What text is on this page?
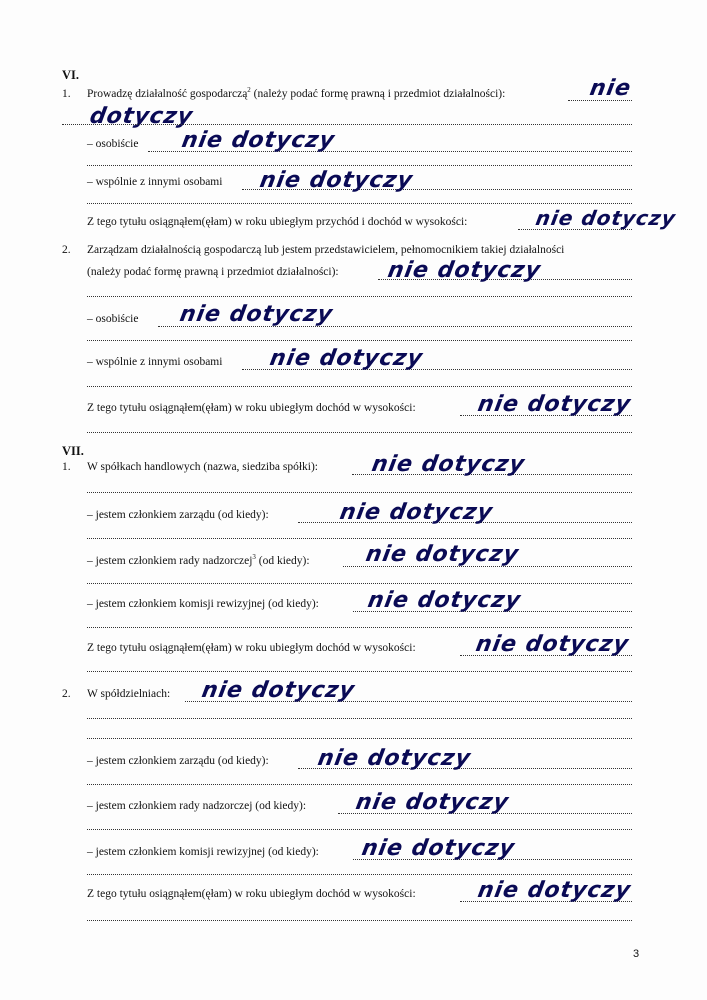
VI.
1. Prowadzę działalność gospodarczą$^2$ (należy podać formę prawną i przedmiot działalności):	nie
dotyczy
– osobiście nie dotyczy
– wspólnie z innymi osobami nie dotyczy
Z tego tytułu osiągnąłem(ęłam) w roku ubiegłym przychód i dochód w wysokości:	nie dotyczy
2. Zarządzam działalnością gospodarczą lub jestem przedstawicielem, pełnomocnikiem takiej działalności
(należy podać formę prawną i przedmiot działalności): nie dotyczy
– osobiście nie dotyczy
– wspólnie z innymi osobami nie dotyczy
Z tego tytułu osiągnąłem(ęłam) w roku ubiegłym dochód w wysokości:	nie dotyczy
VII.
1. W spółkach handlowych (nazwa, siedziba spółki): nie dotyczy
– jestem członkiem zarządu (od kiedy):	nie dotyczy
– jestem członkiem rady nadzorczej$^3$ (od kiedy): nie dotyczy
– jestem członkiem komisji rewizyjnej (od kiedy): nie dotyczy
Z tego tytułu osiągnąłem(ęłam) w roku ubiegłym dochód w wysokości:	nie dotyczy
2. W spółdzielniach: nie dotyczy
– jestem członkiem zarządu (od kiedy): nie dotyczy
– jestem członkiem rady nadzorczej (od kiedy): nie dotyczy
– jestem członkiem komisji rewizyjnej (od kiedy): nie dotyczy
Z tego tytułu osiągnąłem(ęłam) w roku ubiegłym dochód w wysokości:	nie dotyczy
3
